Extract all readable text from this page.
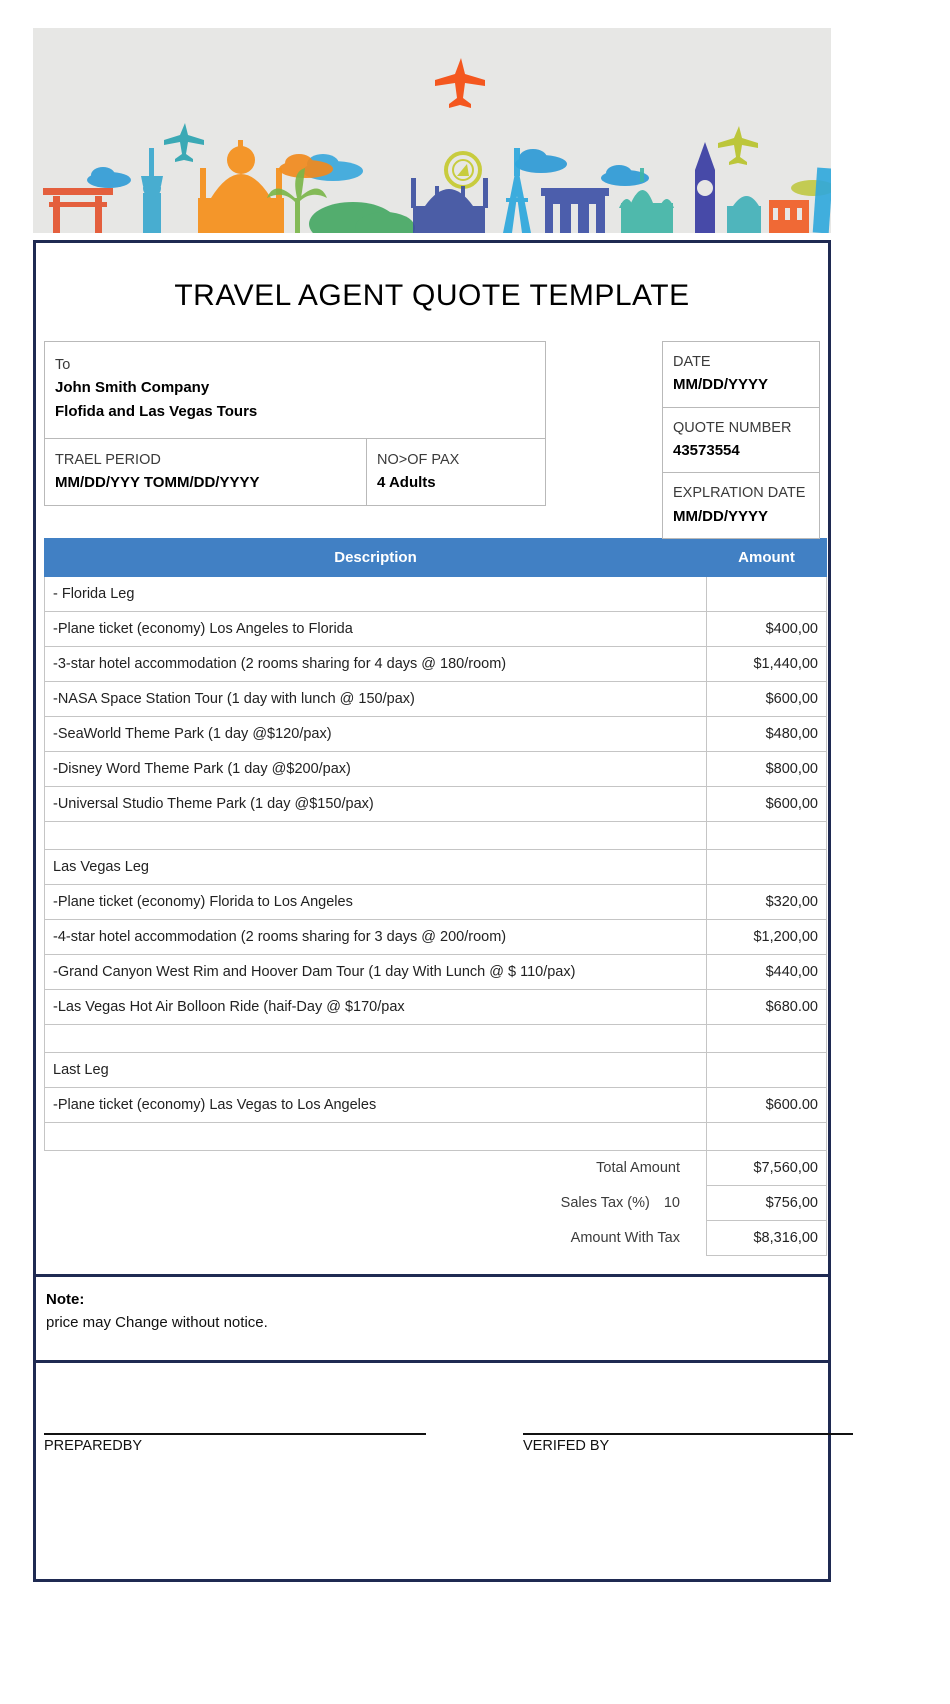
TRAVEL AGENT QUOTE TEMPLATE
To
John Smith Company
Flofida and Las Vegas Tours
TRAEL PERIOD
MM/DD/YYY TOMM/DD/YYYY
NO>OF PAX
4 Adults
DATE
MM/DD/YYYY
QUOTE NUMBER
43573554
EXPLRATION DATE
MM/DD/YYYY
Description	Amount
- Florida Leg	
-Plane ticket (economy) Los Angeles to Florida	$400,00
-3-star hotel accommodation (2 rooms sharing for 4 days @ 180/room)	$1,440,00
-NASA Space Station Tour (1 day with lunch @ 150/pax)	$600,00
-SeaWorld Theme Park (1 day @$120/pax)	$480,00
-Disney Word Theme Park (1 day @$200/pax)	$800,00
-Universal Studio Theme Park (1 day @$150/pax)	$600,00

Las Vegas Leg	
-Plane ticket (economy) Florida to Los Angeles	$320,00
-4-star hotel accommodation (2 rooms sharing for 3 days @ 200/room)	$1,200,00
-Grand Canyon West Rim and Hoover Dam Tour (1 day With Lunch @ $ 110/pax)	$440,00
-Las Vegas Hot Air Bolloon Ride (haif-Day @ $170/pax	$680.00

Last Leg	
-Plane ticket (economy) Las Vegas to Los Angeles	$600.00

Total Amount	$7,560,00
Sales Tax (%) 10	$756,00
Amount With Tax	$8,316,00
Note:
price may Change without notice.
PREPAREDBY	VERIFED BY
